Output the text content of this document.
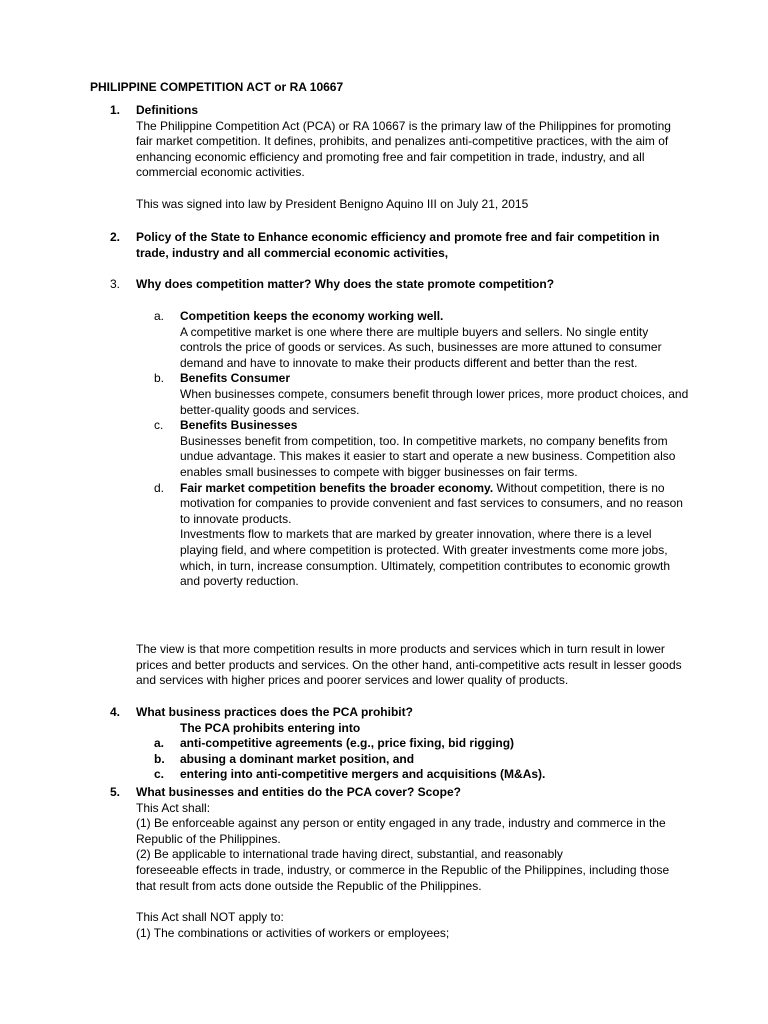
PHILIPPINE COMPETITION ACT or RA 10667
1.	Definitions

The Philippine Competition Act (PCA) or RA 10667 is the primary law of the Philippines for promoting fair market competition. It defines, prohibits, and penalizes anti-competitive practices, with the aim of enhancing economic efficiency and promoting free and fair competition in trade, industry, and all commercial economic activities.

This was signed into law by President Benigno Aquino III on July 21, 2015

2.	Policy of the State to Enhance economic efficiency and promote free and fair competition in trade, industry and all commercial economic activities,
3.	Why does competition matter? Why does the state promote competition?
a.	Competition keeps the economy working well.
A competitive market is one where there are multiple buyers and sellers. No single entity controls the price of goods or services. As such, businesses are more attuned to consumer demand and have to innovate to make their products different and better than the rest.
b.	Benefits Consumer
When businesses compete, consumers benefit through lower prices, more product choices, and better-quality goods and services.
c.	Benefits Businesses
Businesses benefit from competition, too. In competitive markets, no company benefits from undue advantage. This makes it easier to start and operate a new business. Competition also enables small businesses to compete with bigger businesses on fair terms.
d.	Fair market competition benefits the broader economy. Without competition, there is no motivation for companies to provide convenient and fast services to consumers, and no reason to innovate products.
Investments flow to markets that are marked by greater innovation, where there is a level playing field, and where competition is protected. With greater investments come more jobs, which, in turn, increase consumption. Ultimately, competition contributes to economic growth and poverty reduction.

The view is that more competition results in more products and services which in turn result in lower prices and better products and services. On the other hand, anti-competitive acts result in lesser goods and services with higher prices and poorer services and lower quality of products.

4.	What business practices does the PCA prohibit?
The PCA prohibits entering into
a.	anti-competitive agreements (e.g., price fixing, bid rigging)
b.	abusing a dominant market position, and
c.	entering into anti-competitive mergers and acquisitions (M&As).
5.	What businesses and entities do the PCA cover? Scope?
This Act shall:
(1) Be enforceable against any person or entity engaged in any trade, industry and commerce in the Republic of the Philippines.
(2) Be applicable to international trade having direct, substantial, and reasonably
foreseeable effects in trade, industry, or commerce in the Republic of the Philippines, including those that result from acts done outside the Republic of the Philippines.
This Act shall NOT apply to:
(1) The combinations or activities of workers or employees;
